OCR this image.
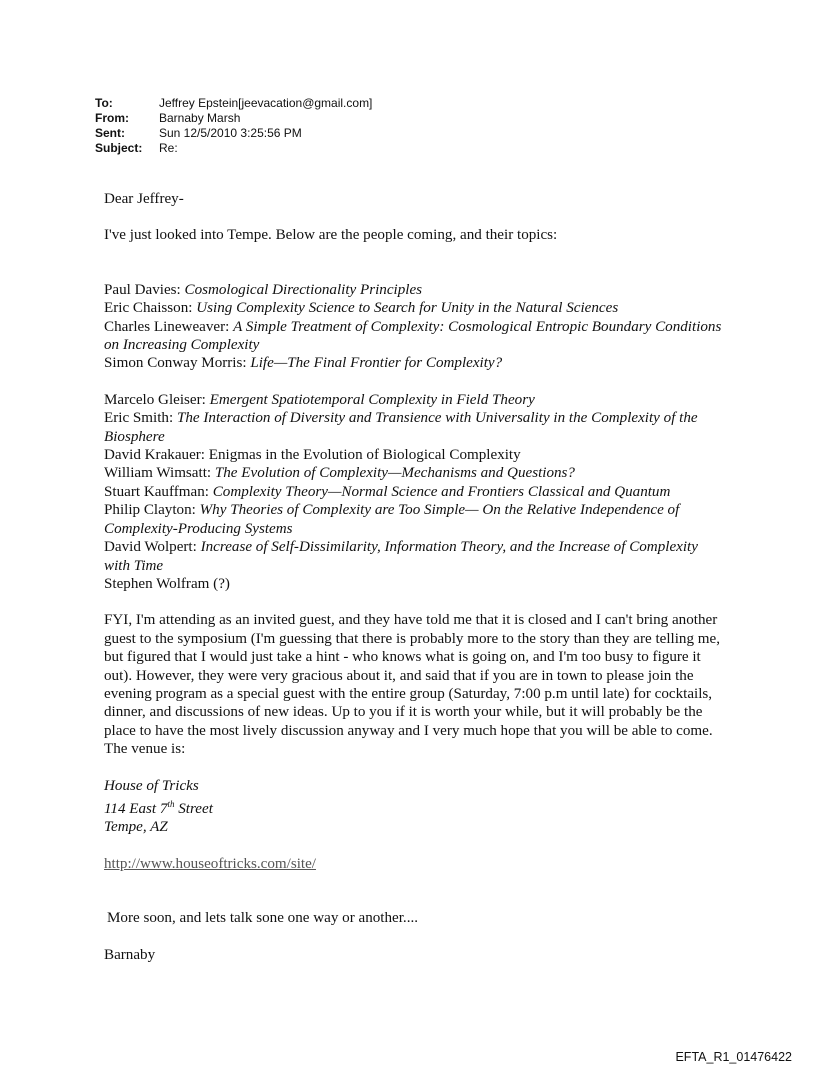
To:	Jeffrey Epstein[jeevacation@gmail.com]
From:	Barnaby Marsh
Sent:	Sun 12/5/2010 3:25:56 PM
Subject:	Re:

Dear Jeffrey-

I've just looked into Tempe. Below are the people coming, and their topics:

Paul Davies: Cosmological Directionality Principles

Eric Chaisson: Using Complexity Science to Search for Unity in the Natural Sciences

Charles Lineweaver: A Simple Treatment of Complexity: Cosmological Entropic Boundary Conditions on Increasing Complexity

Simon Conway Morris: Life—The Final Frontier for Complexity?

Marcelo Gleiser: Emergent Spatiotemporal Complexity in Field Theory

Eric Smith: The Interaction of Diversity and Transience with Universality in the Complexity of the Biosphere

David Krakauer: Enigmas in the Evolution of Biological Complexity

William Wimsatt: The Evolution of Complexity—Mechanisms and Questions?

Stuart Kauffman: Complexity Theory—Normal Science and Frontiers Classical and Quantum

Philip Clayton: Why Theories of Complexity are Too Simple— On the Relative Independence of Complexity-Producing Systems

David Wolpert: Increase of Self-Dissimilarity, Information Theory, and the Increase of Complexity with Time

Stephen Wolfram (?)

FYI, I'm attending as an invited guest, and they have told me that it is closed and I can't bring another guest to the symposium (I'm guessing that there is probably more to the story than they are telling me, but figured that I would just take a hint - who knows what is going on, and I'm too busy to figure it out). However, they were very gracious about it, and said that if you are in town to please join the evening program as a special guest with the entire group (Saturday, 7:00 p.m until late) for cocktails, dinner, and discussions of new ideas. Up to you if it is worth your while, but it will probably be the place to have the most lively discussion anyway and I very much hope that you will be able to come. The venue is:

House of Tricks

114 East 7th Street

Tempe, AZ

http://www.houseoftricks.com/site/

More soon, and lets talk sone one way or another....

Barnaby

EFTA_R1_01476422
